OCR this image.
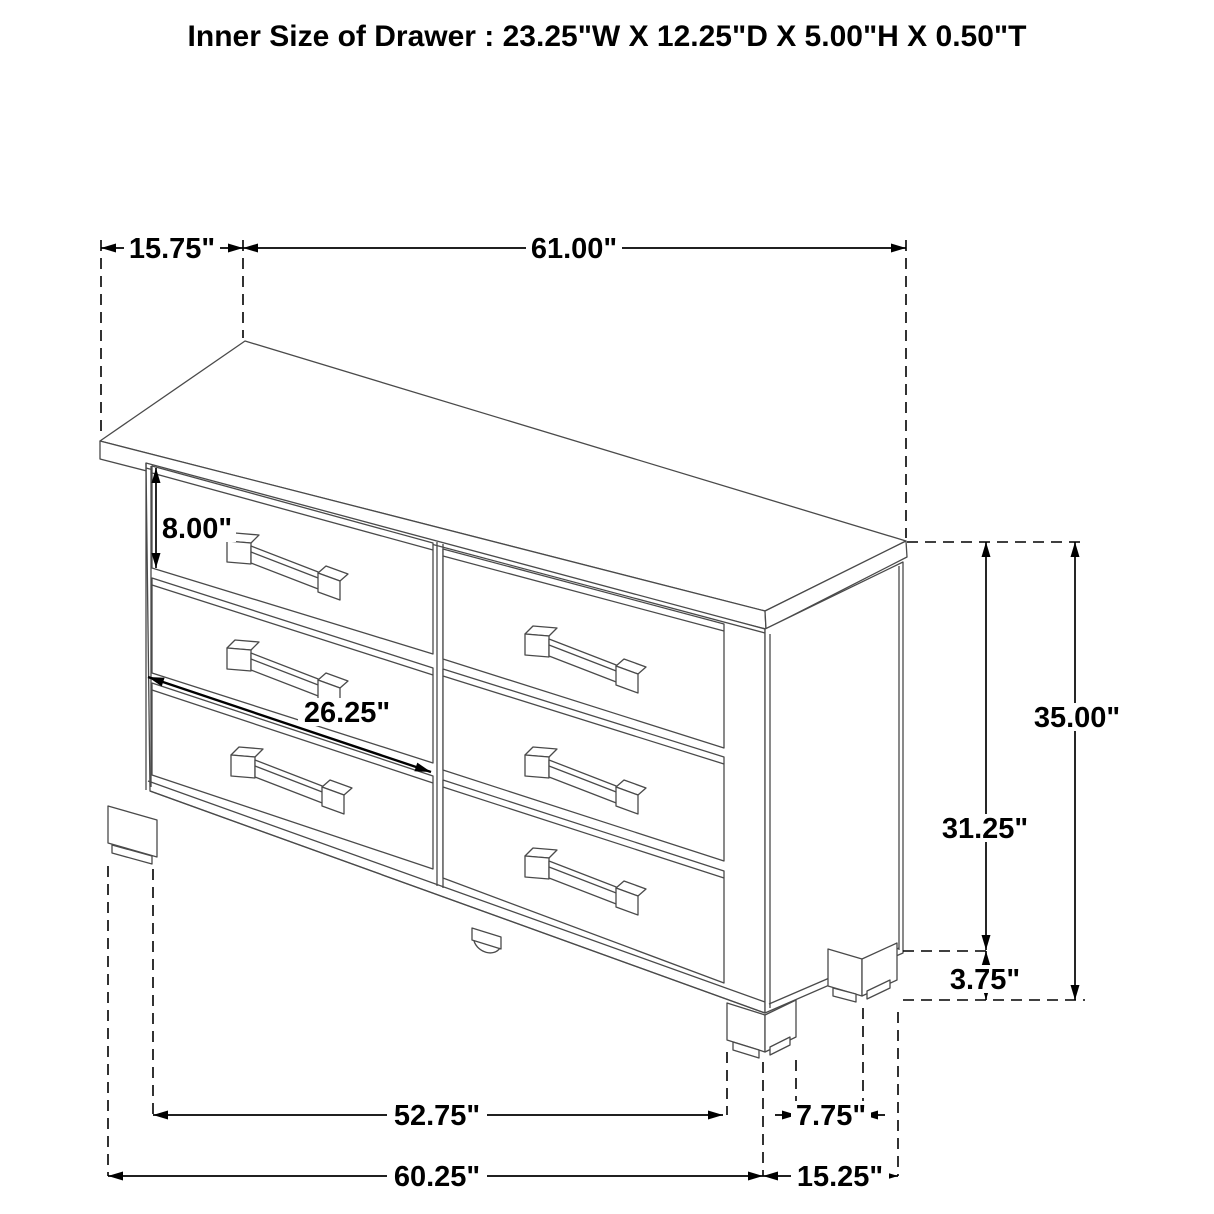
Inner Size of Drawer : 23.25"W X 12.25"D X 5.00"H X 0.50"T
15.75"	61.00"
8.00"
26.25"	35.00"
31.25"
3.75"
52.75"	7.75"
60.25"	15.25"
